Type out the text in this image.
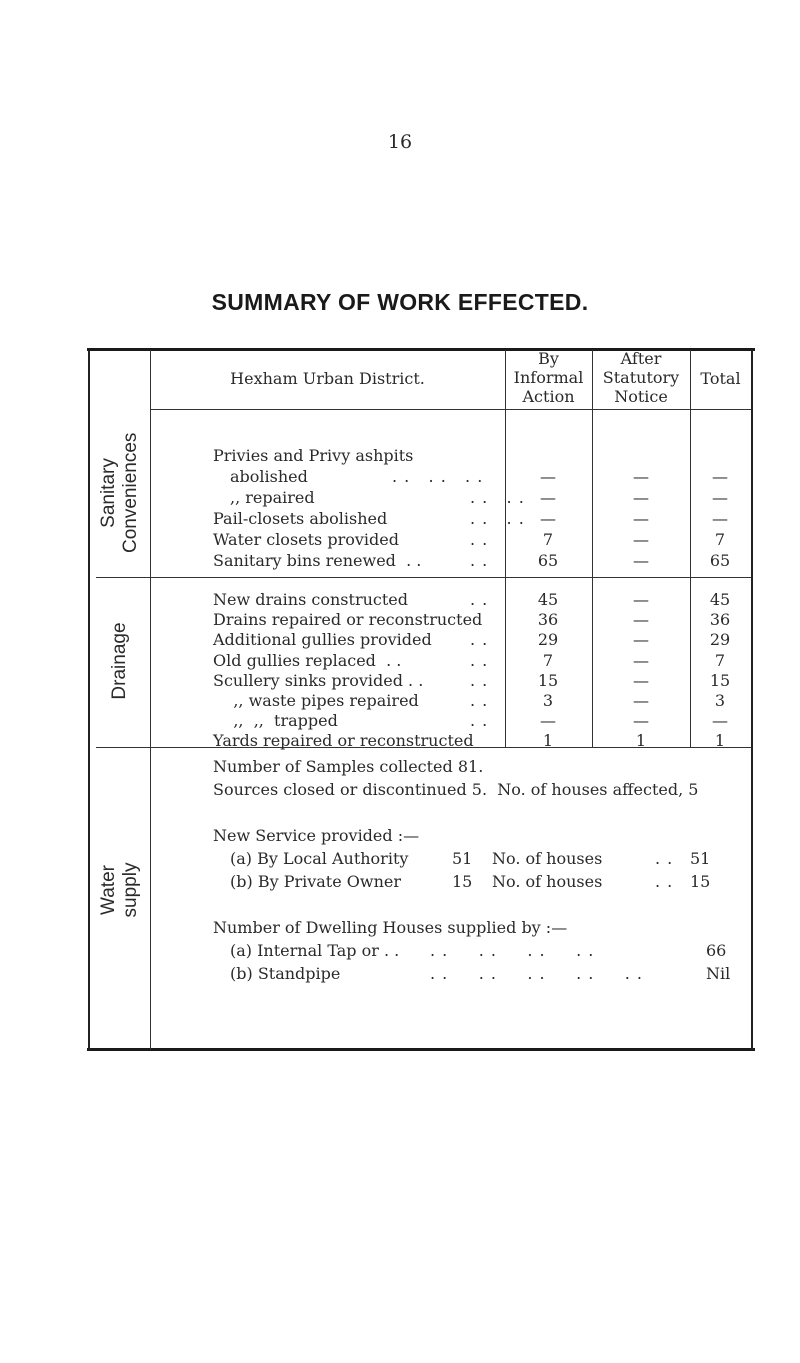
16
SUMMARY OF WORK EFFECTED.
Hexham Urban District.
By
Informal
Action
After
Statutory
Notice
Total
Sanitary Conveniences
Drainage
Water supply
Privies and Privy ashpits
abolished	. .   . .   . .	—	—	—
,, repaired	. .   . . —	—	—
Pail-closets abolished	. .   . . —	—	—
Water closets provided	. .	7	—	7
Sanitary bins renewed  . .	. .	65	—	65
New drains constructed	. .	45	—	45
Drains repaired or reconstructed	36	—	36
Additional gullies provided . .	29	—	29
Old gullies replaced  . .	. .	7	—	7
Scullery sinks provided . .	. .	15	—	15
,, waste pipes repaired	. .	3	—	3
,,  ,,  trapped	. .	—	—	—
Yards repaired or reconstructed	1	1	1
Number of Samples collected 81.
Sources closed or discontinued 5.  No. of houses affected, 5
New Service provided :—
(a) By Local Authority	51 No. of houses	. . 51
(b) By Private Owner	15 No. of houses	. . 15
Number of Dwelling Houses supplied by :—
(a) Internal Tap or . . . .     . .     . .     . .	66
(b) Standpipe	. .     . .     . .     . .     . .	Nil
